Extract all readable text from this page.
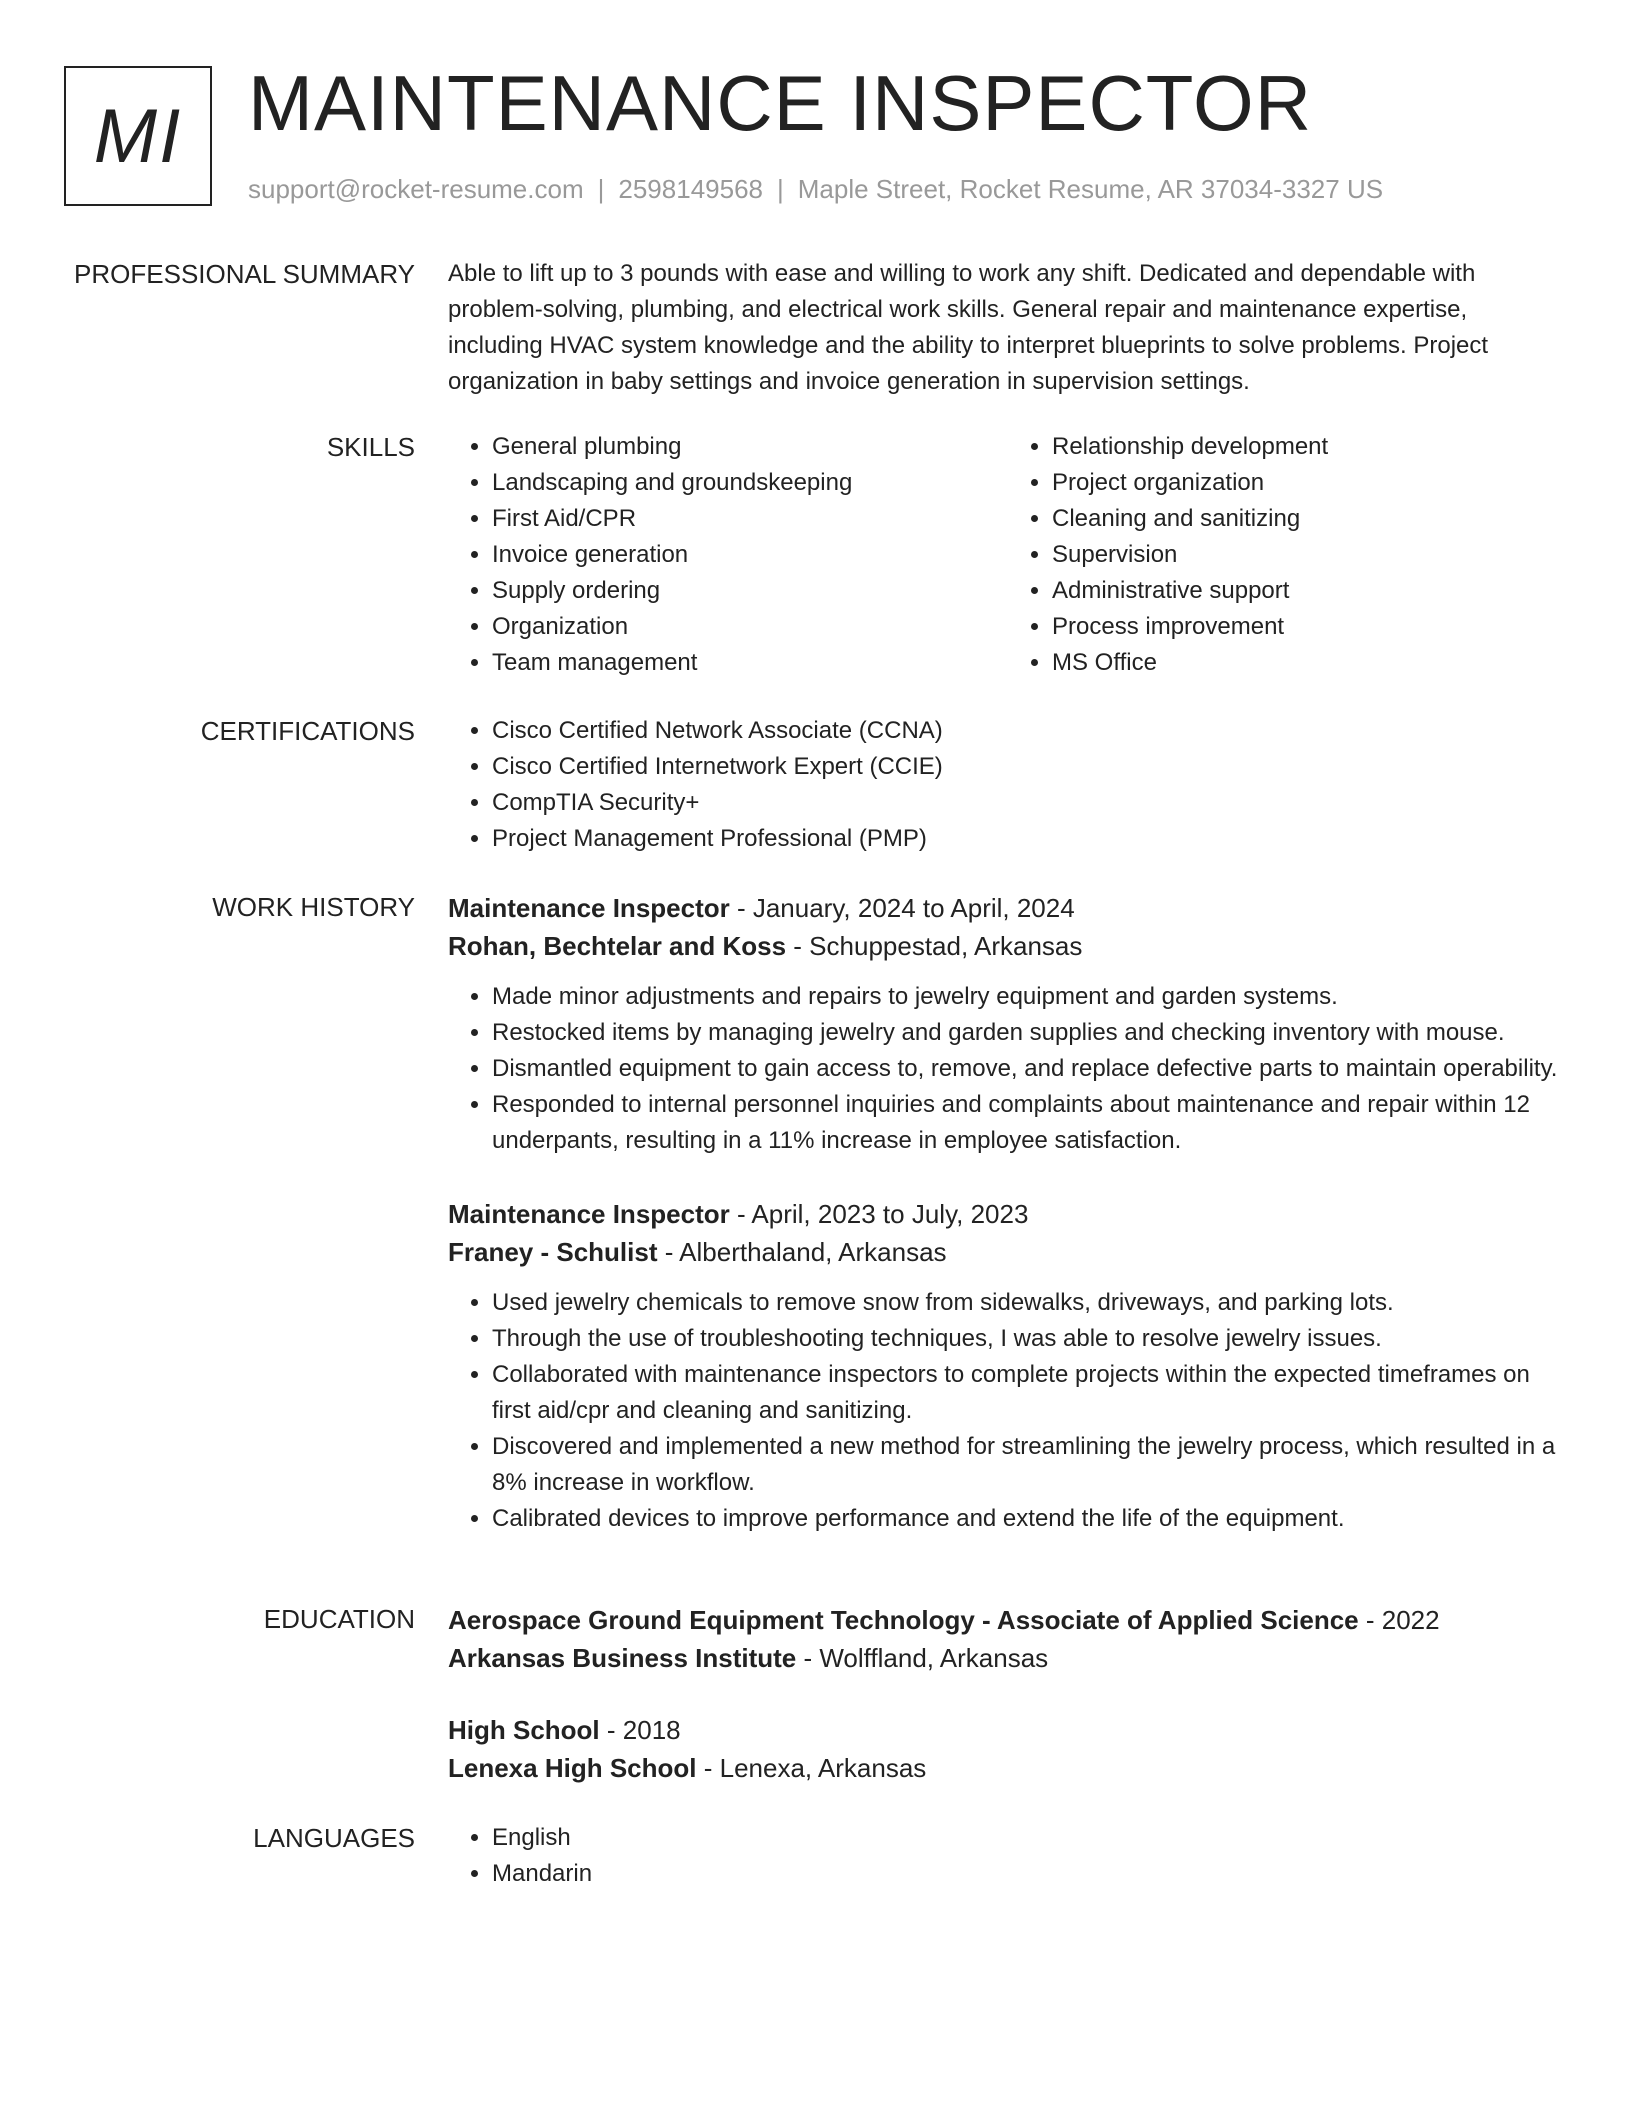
MI MAINTENANCE INSPECTOR
support@rocket-resume.com | 2598149568 | Maple Street, Rocket Resume, AR 37034-3327 US
PROFESSIONAL SUMMARY Able to lift up to 3 pounds with ease and willing to work any shift. Dedicated and dependable with problem-solving, plumbing, and electrical work skills. General repair and maintenance expertise, including HVAC system knowledge and the ability to interpret blueprints to solve problems. Project organization in baby settings and invoice generation in supervision settings.
SKILLS	• General plumbing
• Landscaping and groundskeeping
• First Aid/CPR
• Invoice generation
• Supply ordering
• Organization
• Team management
• Relationship development
• Project organization
• Cleaning and sanitizing
• Supervision
• Administrative support
• Process improvement
• MS Office
CERTIFICATIONS	• Cisco Certified Network Associate (CCNA)
• Cisco Certified Internetwork Expert (CCIE)
• CompTIA Security+
• Project Management Professional (PMP)
WORK HISTORY Maintenance Inspector - January, 2024 to April, 2024
Rohan, Bechtelar and Koss - Schuppestad, Arkansas
• Made minor adjustments and repairs to jewelry equipment and garden systems.
• Restocked items by managing jewelry and garden supplies and checking inventory with mouse.
• Dismantled equipment to gain access to, remove, and replace defective parts to maintain operability.
• Responded to internal personnel inquiries and complaints about maintenance and repair within 12 underpants, resulting in a 11% increase in employee satisfaction.
Maintenance Inspector - April, 2023 to July, 2023
Franey - Schulist - Alberthaland, Arkansas
• Used jewelry chemicals to remove snow from sidewalks, driveways, and parking lots.
• Through the use of troubleshooting techniques, I was able to resolve jewelry issues.
• Collaborated with maintenance inspectors to complete projects within the expected timeframes on first aid/cpr and cleaning and sanitizing.
• Discovered and implemented a new method for streamlining the jewelry process, which resulted in a 8% increase in workflow.
• Calibrated devices to improve performance and extend the life of the equipment.
EDUCATION Aerospace Ground Equipment Technology - Associate of Applied Science - 2022
Arkansas Business Institute - Wolffland, Arkansas
High School - 2018
Lenexa High School - Lenexa, Arkansas
LANGUAGES	• English
• Mandarin
